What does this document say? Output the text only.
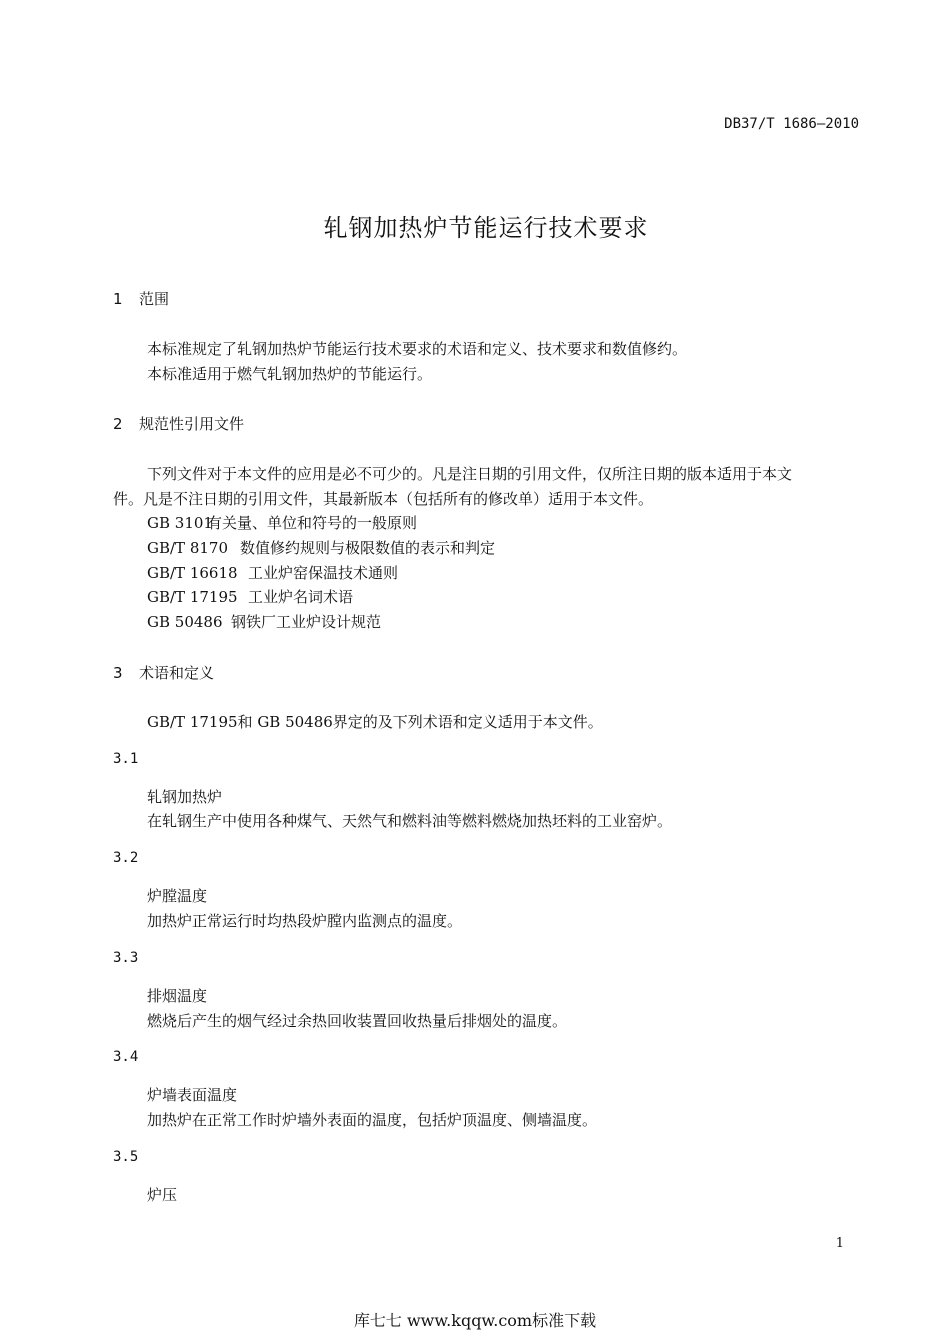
DB37/T 1686—2010
轧钢加热炉节能运行技术要求
1 范围
本标准规定了轧钢加热炉节能运行技术要求的术语和定义、技术要求和数值修约。
本标准适用于燃气轧钢加热炉的节能运行。
2 规范性引用文件
下列文件对于本文件的应用是必不可少的。凡是注日期的引用文件，仅所注日期的版本适用于本文
件。凡是不注日期的引用文件，其最新版本（包括所有的修改单）适用于本文件。
GB 3101有关量、单位和符号的一般原则
GB/T 8170 数值修约规则与极限数值的表示和判定
GB/T 16618 工业炉窑保温技术通则
GB/T 17195 工业炉名词术语
GB 50486 钢铁厂工业炉设计规范
3 术语和定义
GB/T 17195和 GB 50486界定的及下列术语和定义适用于本文件。
3.1
轧钢加热炉
在轧钢生产中使用各种煤气、天然气和燃料油等燃料燃烧加热坯料的工业窑炉。
3.2
炉膛温度
加热炉正常运行时均热段炉膛内监测点的温度。
3.3
排烟温度
燃烧后产生的烟气经过余热回收装置回收热量后排烟处的温度。
3.4
炉墙表面温度
加热炉在正常工作时炉墙外表面的温度，包括炉顶温度、侧墙温度。
3.5
炉压
1
库七七 www.kqqw.com标准下载
